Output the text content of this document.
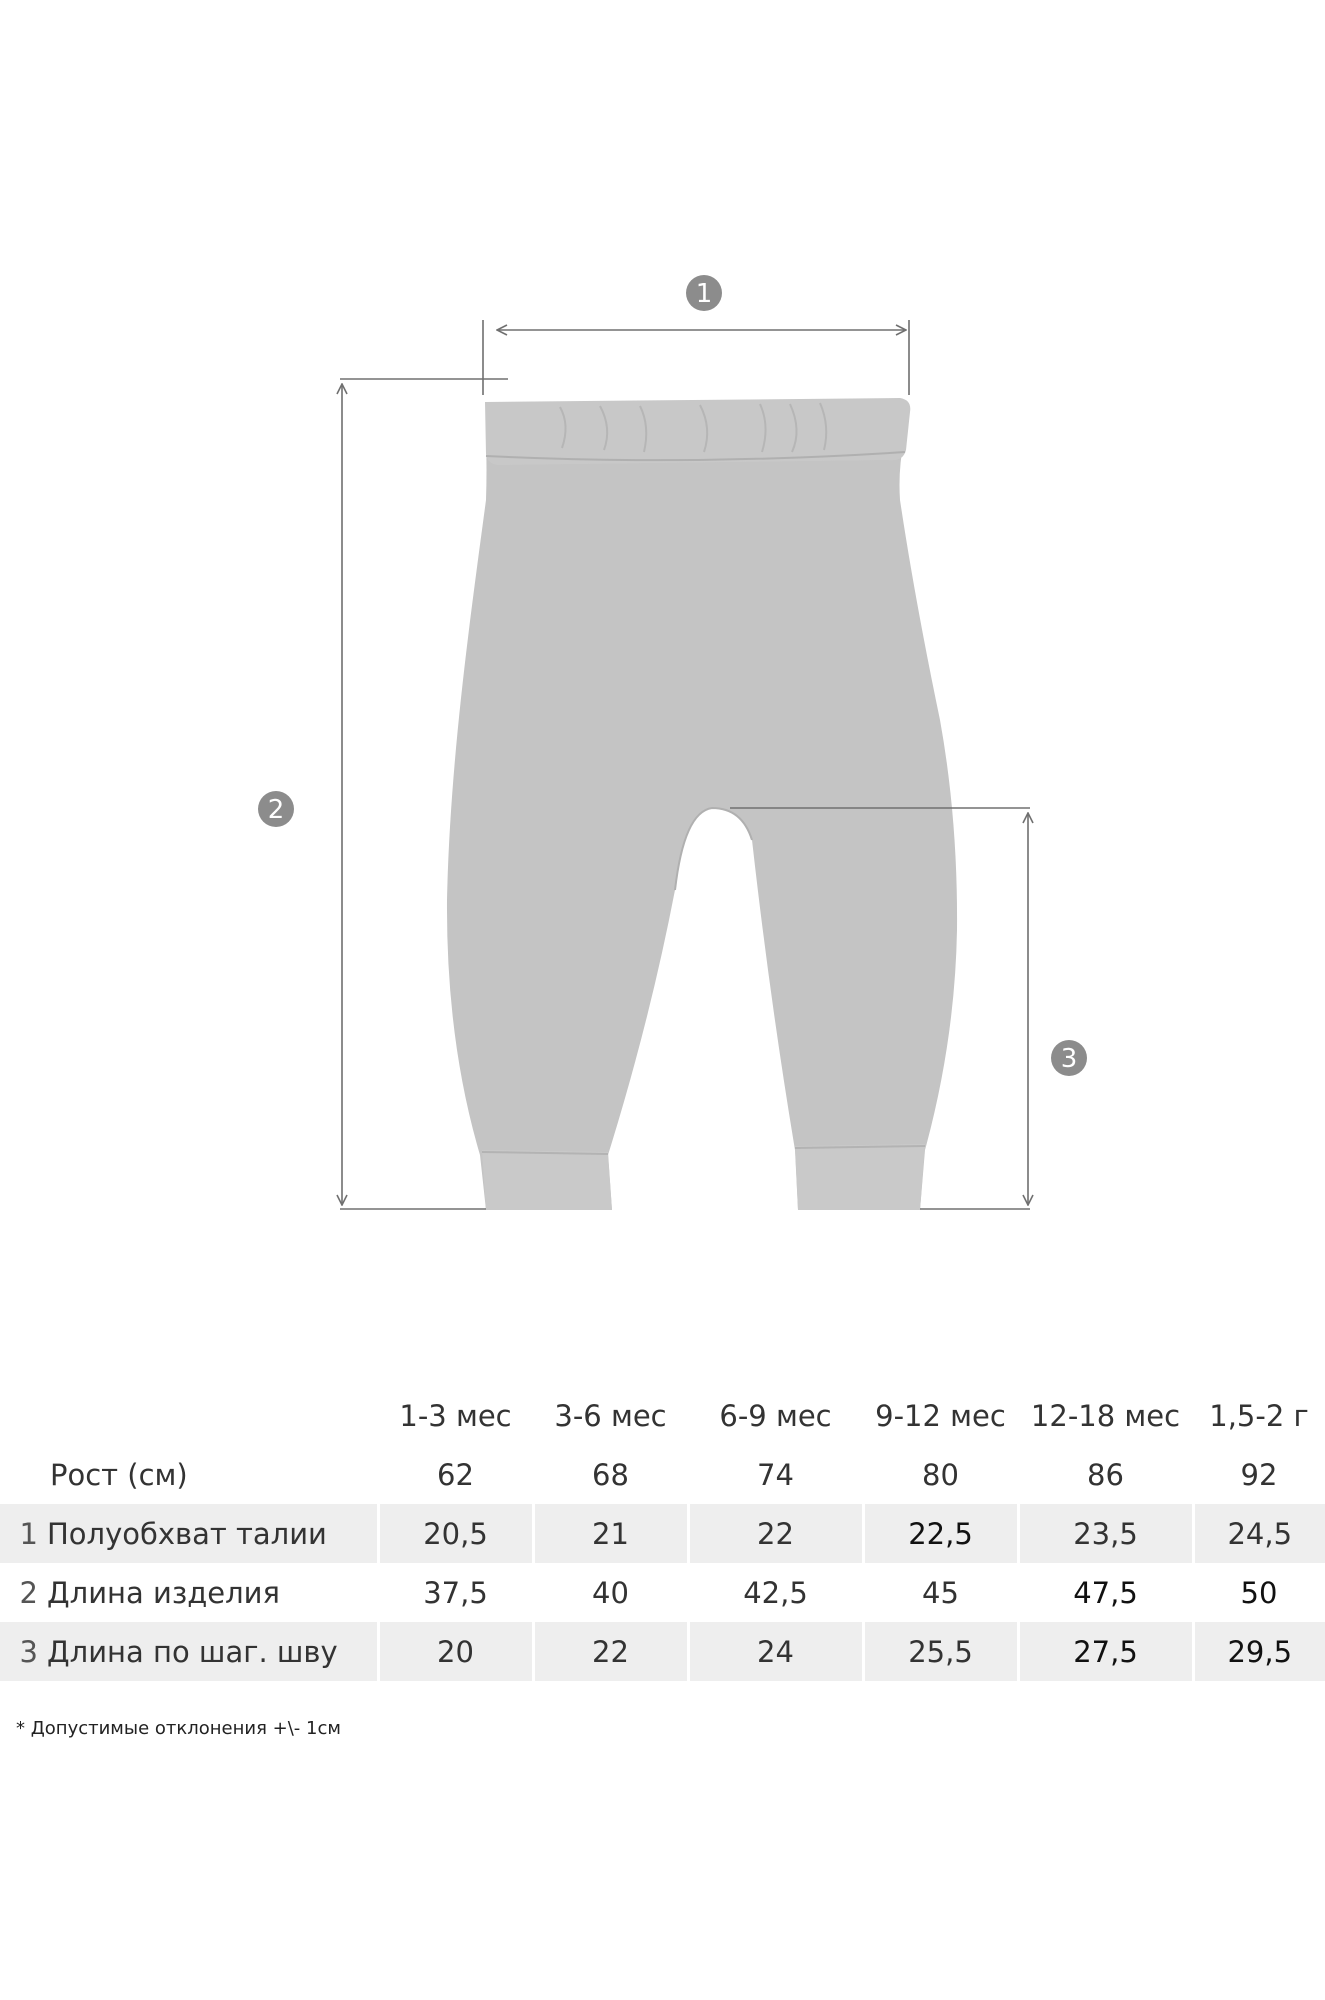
1
2
3
		1-3 мес	3-6 мес	6-9 мес	9-12 мес	12-18 мес	1,5-2 г
	Рост (см)	62	68	74	80	86	92
1	Полуобхват талии	20,5	21	22	22,5	23,5	24,5
2	Длина изделия	37,5	40	42,5	45	47,5	50
3	Длина по шаг. шву	20	22	24	25,5	27,5	29,5
* Допустимые отклонения +\- 1см
